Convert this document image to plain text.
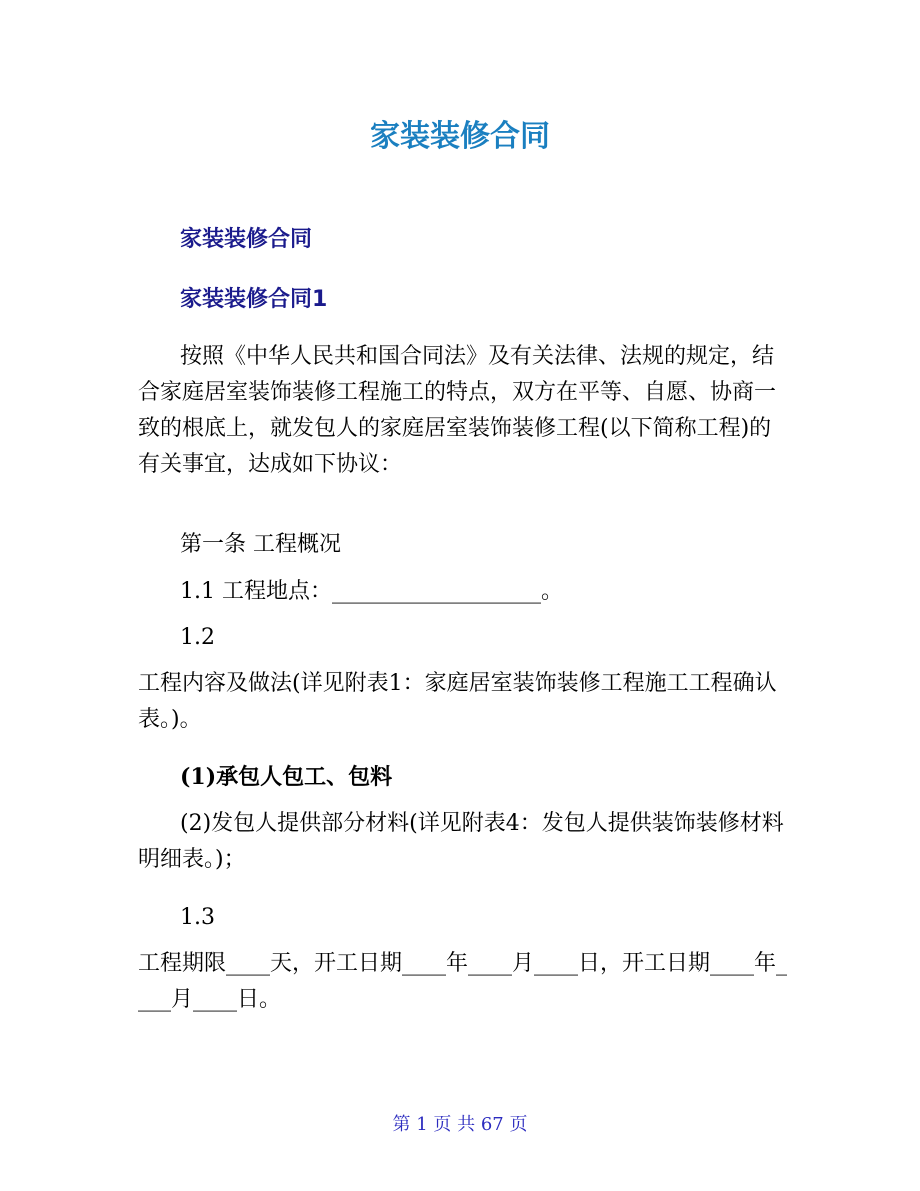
家装装修合同
家装装修合同
家装装修合同1

按照《中华人民共和国合同法》及有关法律、法规的规定，结合家庭居室装饰装修工程施工的特点，双方在平等、自愿、协商一致的根底上，就发包人的家庭居室装饰装修工程(以下简称工程)的有关事宜，达成如下协议：

第一条 工程概况

1.1 工程地点：___________________。

1.2

工程内容及做法(详见附表1：家庭居室装饰装修工程施工工程确认表。)。

(1)承包人包工、包料

(2)发包人提供部分材料(详见附表4：发包人提供装饰装修材料明细表。)；

1.3

工程期限____天，开工日期____年____月____日，开工日期____年____月____日。

第 1 页 共 67 页
